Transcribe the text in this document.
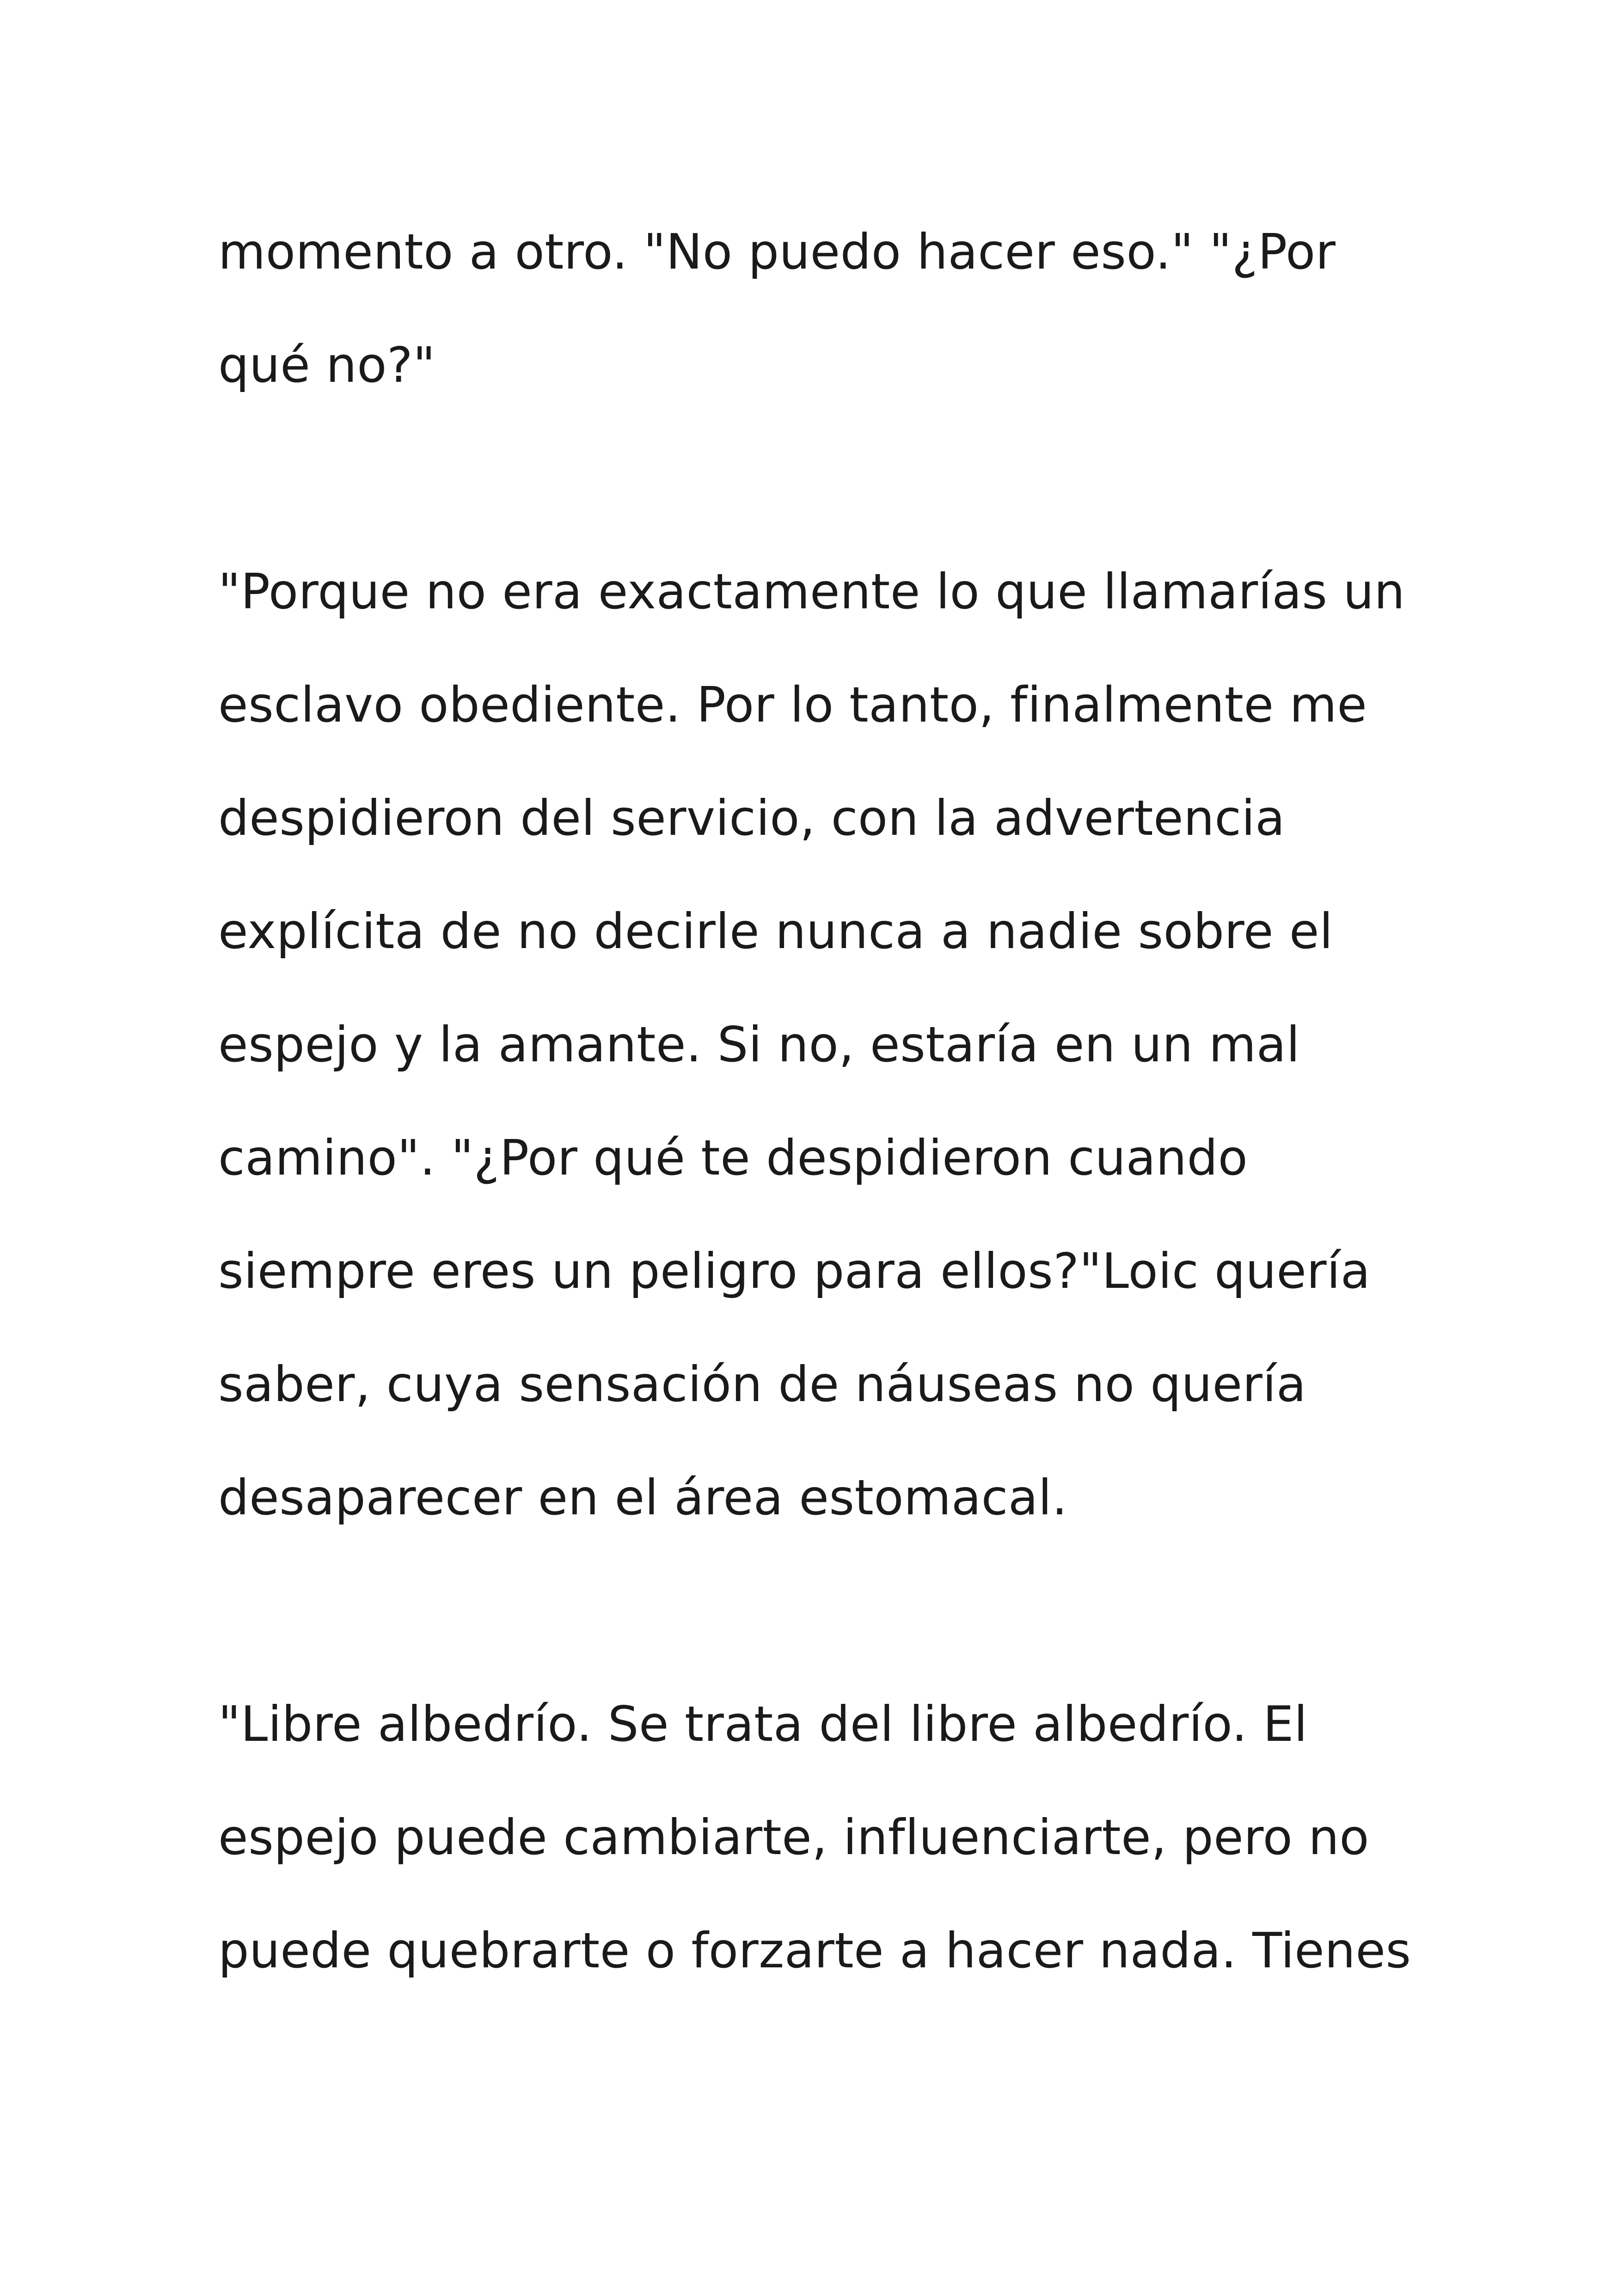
momento a otro. "No puedo hacer eso." "¿Por

qué no?"

"Porque no era exactamente lo que llamarías un

esclavo obediente. Por lo tanto, finalmente me

despidieron del servicio, con la advertencia

explícita de no decirle nunca a nadie sobre el

espejo y la amante. Si no, estaría en un mal

camino". "¿Por qué te despidieron cuando

siempre eres un peligro para ellos?"Loic quería

saber, cuya sensación de náuseas no quería

desaparecer en el área estomacal.

"Libre albedrío. Se trata del libre albedrío. El

espejo puede cambiarte, influenciarte, pero no

puede quebrarte o forzarte a hacer nada. Tienes
